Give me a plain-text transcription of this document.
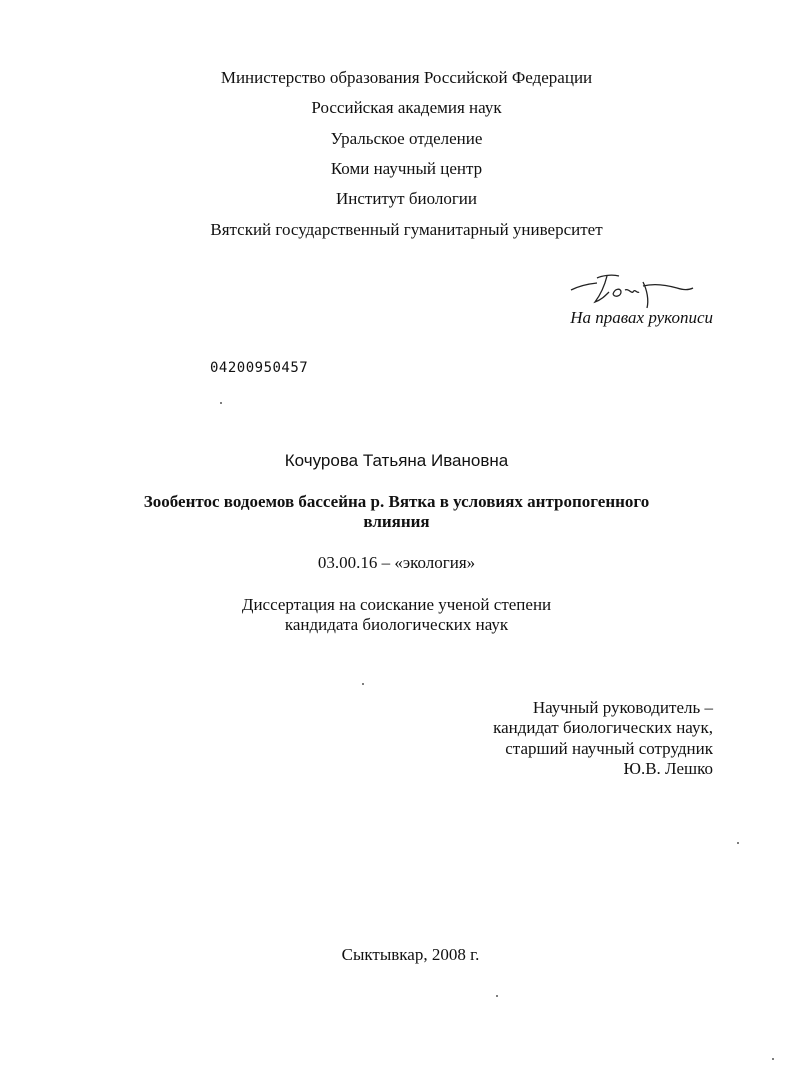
Министерство образования Российской Федерации
Российская академия наук
Уральское отделение
Коми научный центр
Институт биологии
Вятский государственный гуманитарный университет
На правах рукописи
04200950457
Кочурова Татьяна Ивановна
Зообентос водоемов бассейна р. Вятка в условиях антропогенного
влияния
03.00.16 – «экология»
Диссертация на соискание ученой степени
кандидата биологических наук
Научный руководитель –
кандидат биологических наук,
старший научный сотрудник
Ю.В. Лешко
Сыктывкар, 2008 г.
